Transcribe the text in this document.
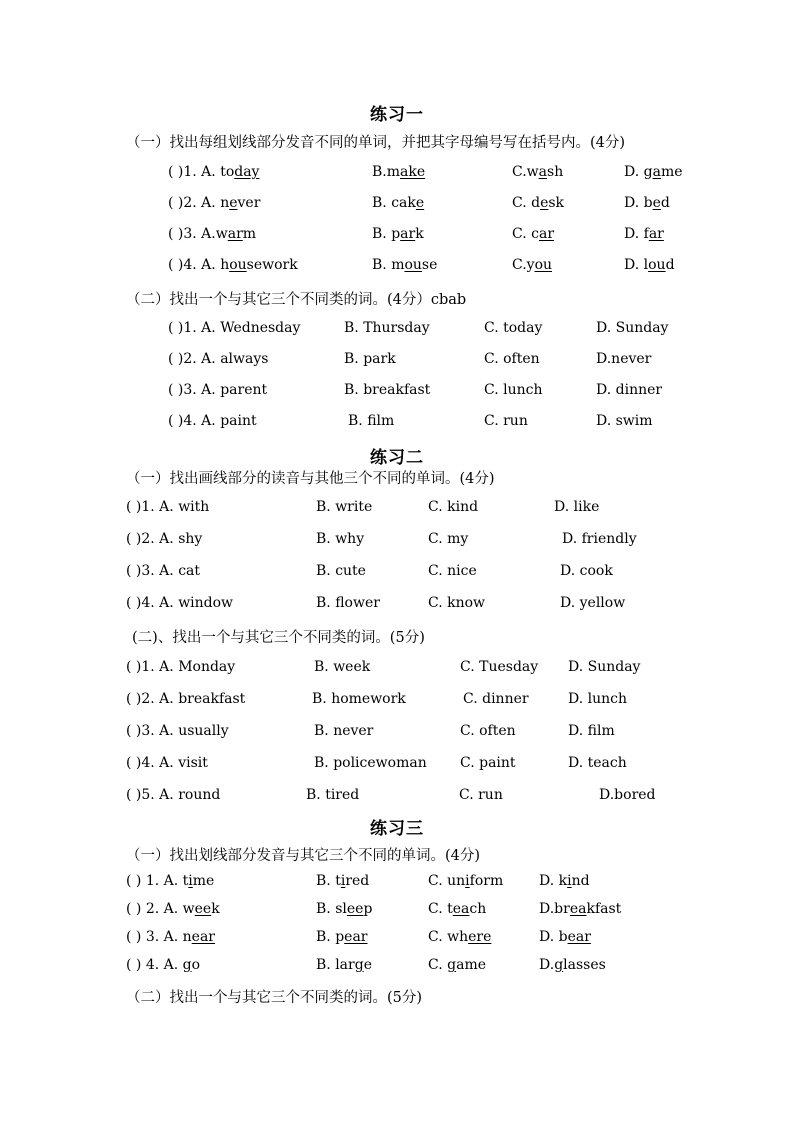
练习一
（一）找出每组划线部分发音不同的单词，并把其字母编号写在括号内。(4分)
( )1. A. today	B.make	C.wash	D. game
( )2. A. never	B. cake	C. desk	D. bed
( )3. A.warm	B. park	C. car	D. far
( )4. A. housework	B. mouse	C.you	D. loud
（二）找出一个与其它三个不同类的词。(4分）cbab
( )1. A. Wednesday	B. Thursday	C. today	D. Sunday
( )2. A. always	B. park	C. often	D.never
( )3. A. parent	B. breakfast	C. lunch	D. dinner
( )4. A. paint	B. film	C. run	D. swim
练习二
（一）找出画线部分的读音与其他三个不同的单词。(4分)
( )1. A. with	B. write	C. kind	D. like
( )2. A. shy	B. why	C. my	D. friendly
( )3. A. cat	B. cute	C. nice	D. cook
( )4. A. window	B. flower	C. know	D. yellow
(二)、找出一个与其它三个不同类的词。(5分)
( )1. A. Monday	B. week	C. Tuesday D. Sunday
( )2. A. breakfast	B. homework	C. dinner	D. lunch
( )3. A. usually	B. never	C. often	D. film
( )4. A. visit	B. policewoman C. paint	D. teach
( )5. A. round	B. tired	C. run	D.bored
练习三
（一）找出划线部分发音与其它三个不同的单词。(4分)
( ) 1. A. time	B. tired	C. uniform	D. kind
( ) 2. A. week	B. sleep	C. teach	D.breakfast
( ) 3. A. near	B. pear	C. where	D. bear
( ) 4. A. go	B. large	C. game	D.glasses
（二）找出一个与其它三个不同类的词。(5分)
